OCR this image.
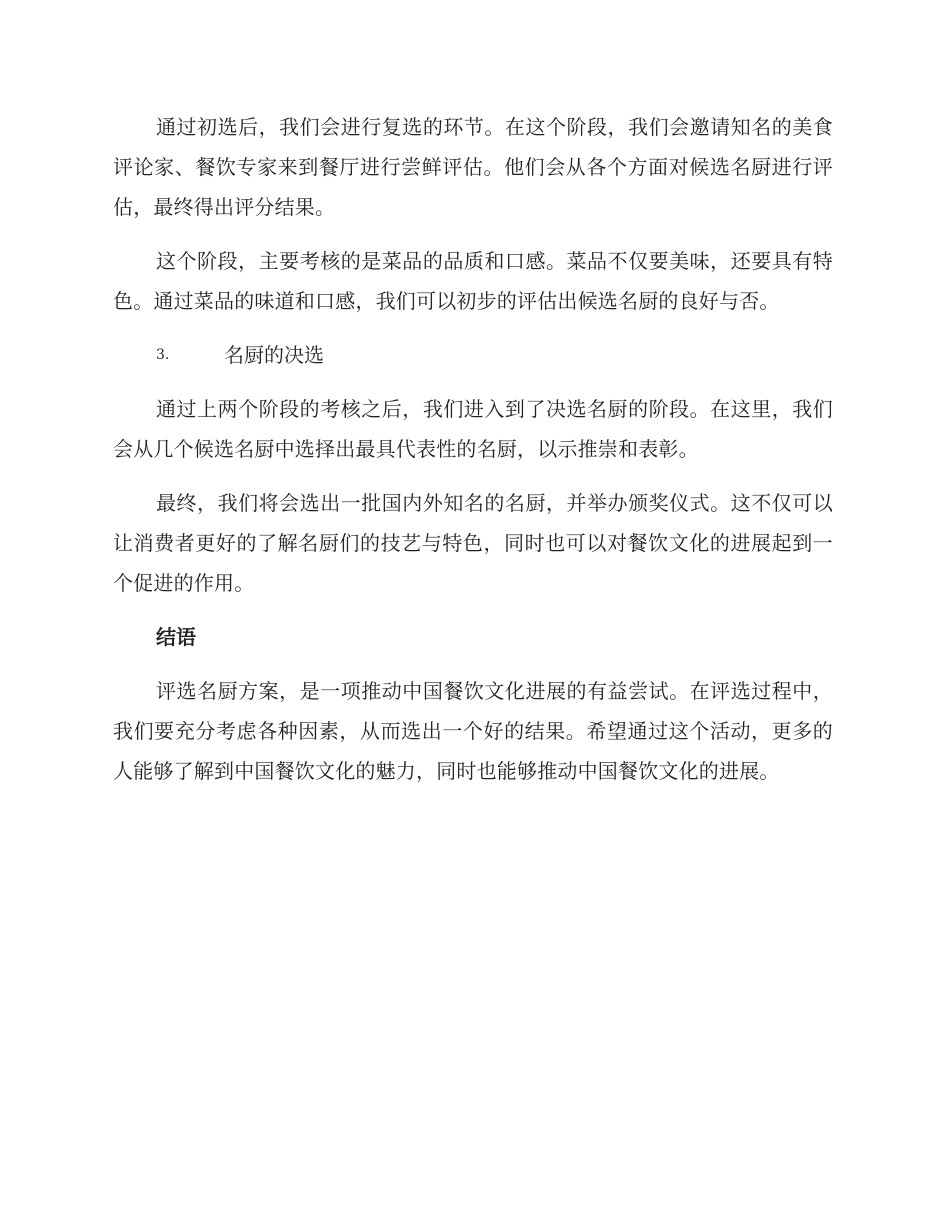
通过初选后，我们会进行复选的环节。在这个阶段，我们会邀请知名的美食评论家、餐饮专家来到餐厅进行尝鲜评估。他们会从各个方面对候选名厨进行评估，最终得出评分结果。

这个阶段，主要考核的是菜品的品质和口感。菜品不仅要美味，还要具有特色。通过菜品的味道和口感，我们可以初步的评估出候选名厨的良好与否。

3.	名厨的决选

通过上两个阶段的考核之后，我们进入到了决选名厨的阶段。在这里，我们会从几个候选名厨中选择出最具代表性的名厨，以示推崇和表彰。

最终，我们将会选出一批国内外知名的名厨，并举办颁奖仪式。这不仅可以让消费者更好的了解名厨们的技艺与特色，同时也可以对餐饮文化的进展起到一个促进的作用。

结语

评选名厨方案，是一项推动中国餐饮文化进展的有益尝试。在评选过程中，我们要充分考虑各种因素，从而选出一个好的结果。希望通过这个活动，更多的人能够了解到中国餐饮文化的魅力，同时也能够推动中国餐饮文化的进展。
